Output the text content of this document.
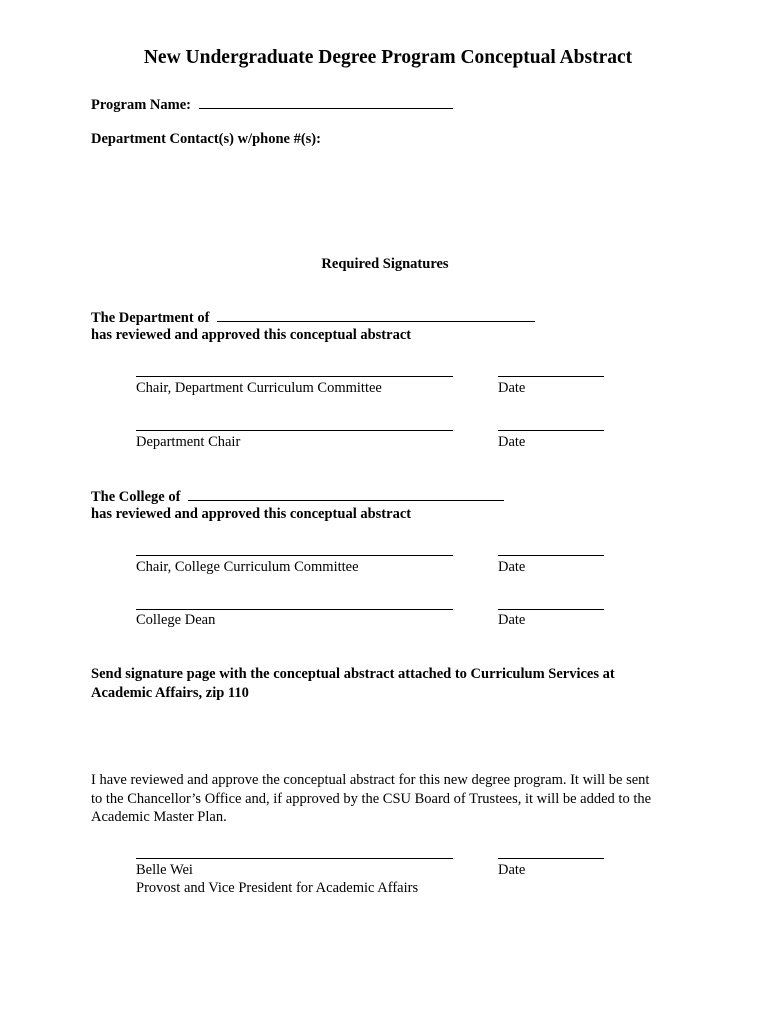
New Undergraduate Degree Program Conceptual Abstract
Program Name:
Department Contact(s) w/phone #(s):
Required Signatures
The Department of
has reviewed and approved this conceptual abstract
Chair, Department Curriculum Committee	Date
Department Chair	Date
The College of
has reviewed and approved this conceptual abstract
Chair, College Curriculum Committee	Date
College Dean	Date
Send signature page with the conceptual abstract attached to Curriculum Services at
Academic Affairs, zip 110
I have reviewed and approve the conceptual abstract for this new degree program. It will be sent
to the Chancellor’s Office and, if approved by the CSU Board of Trustees, it will be added to the
Academic Master Plan.
Belle Wei	Date
Provost and Vice President for Academic Affairs
